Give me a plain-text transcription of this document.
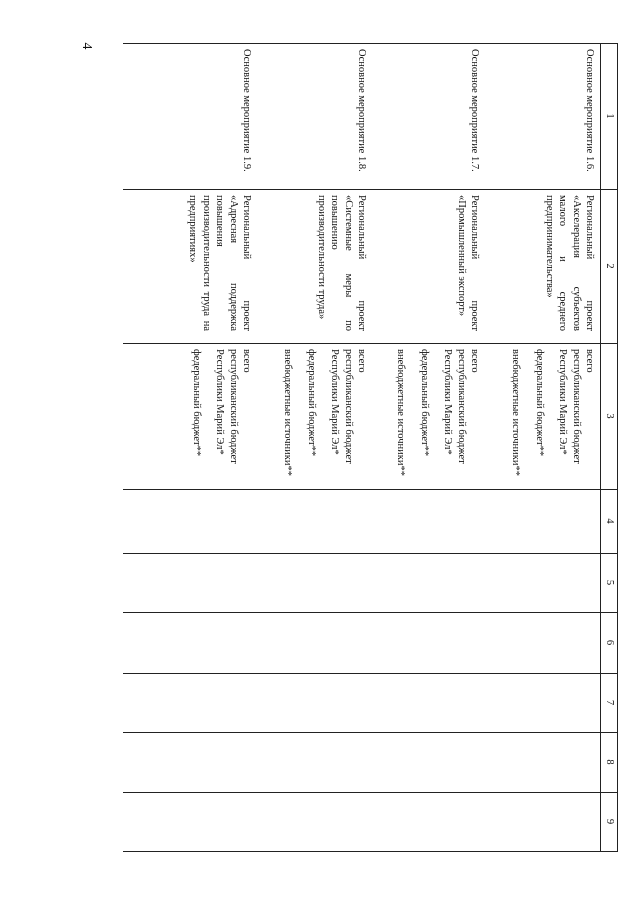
4
1
2
3
4
5
6
7
8
9
Основное мероприятие 1.6.
Региональный проект «Акселерация субъектов малого и среднего предпринимательства»
всего
республиканский бюджет Республики Марий Эл*
федеральный бюджет**
внебюджетные источники**
Основное мероприятие 1.7.
Региональный проект «Промышленный экспорт»
всего
республиканский бюджет Республики Марий Эл*
федеральный бюджет**
внебюджетные источники**
Основное мероприятие 1.8.
Региональный проект «Системные меры по повышению производительности труда»
всего
республиканский бюджет Республики Марий Эл*
федеральный бюджет**
внебюджетные источники**
Основное мероприятие 1.9.
Региональный проект «Адресная поддержка повышения производительности труда на предприятиях»
всего
республиканский бюджет Республики Марий Эл*
федеральный бюджет**
